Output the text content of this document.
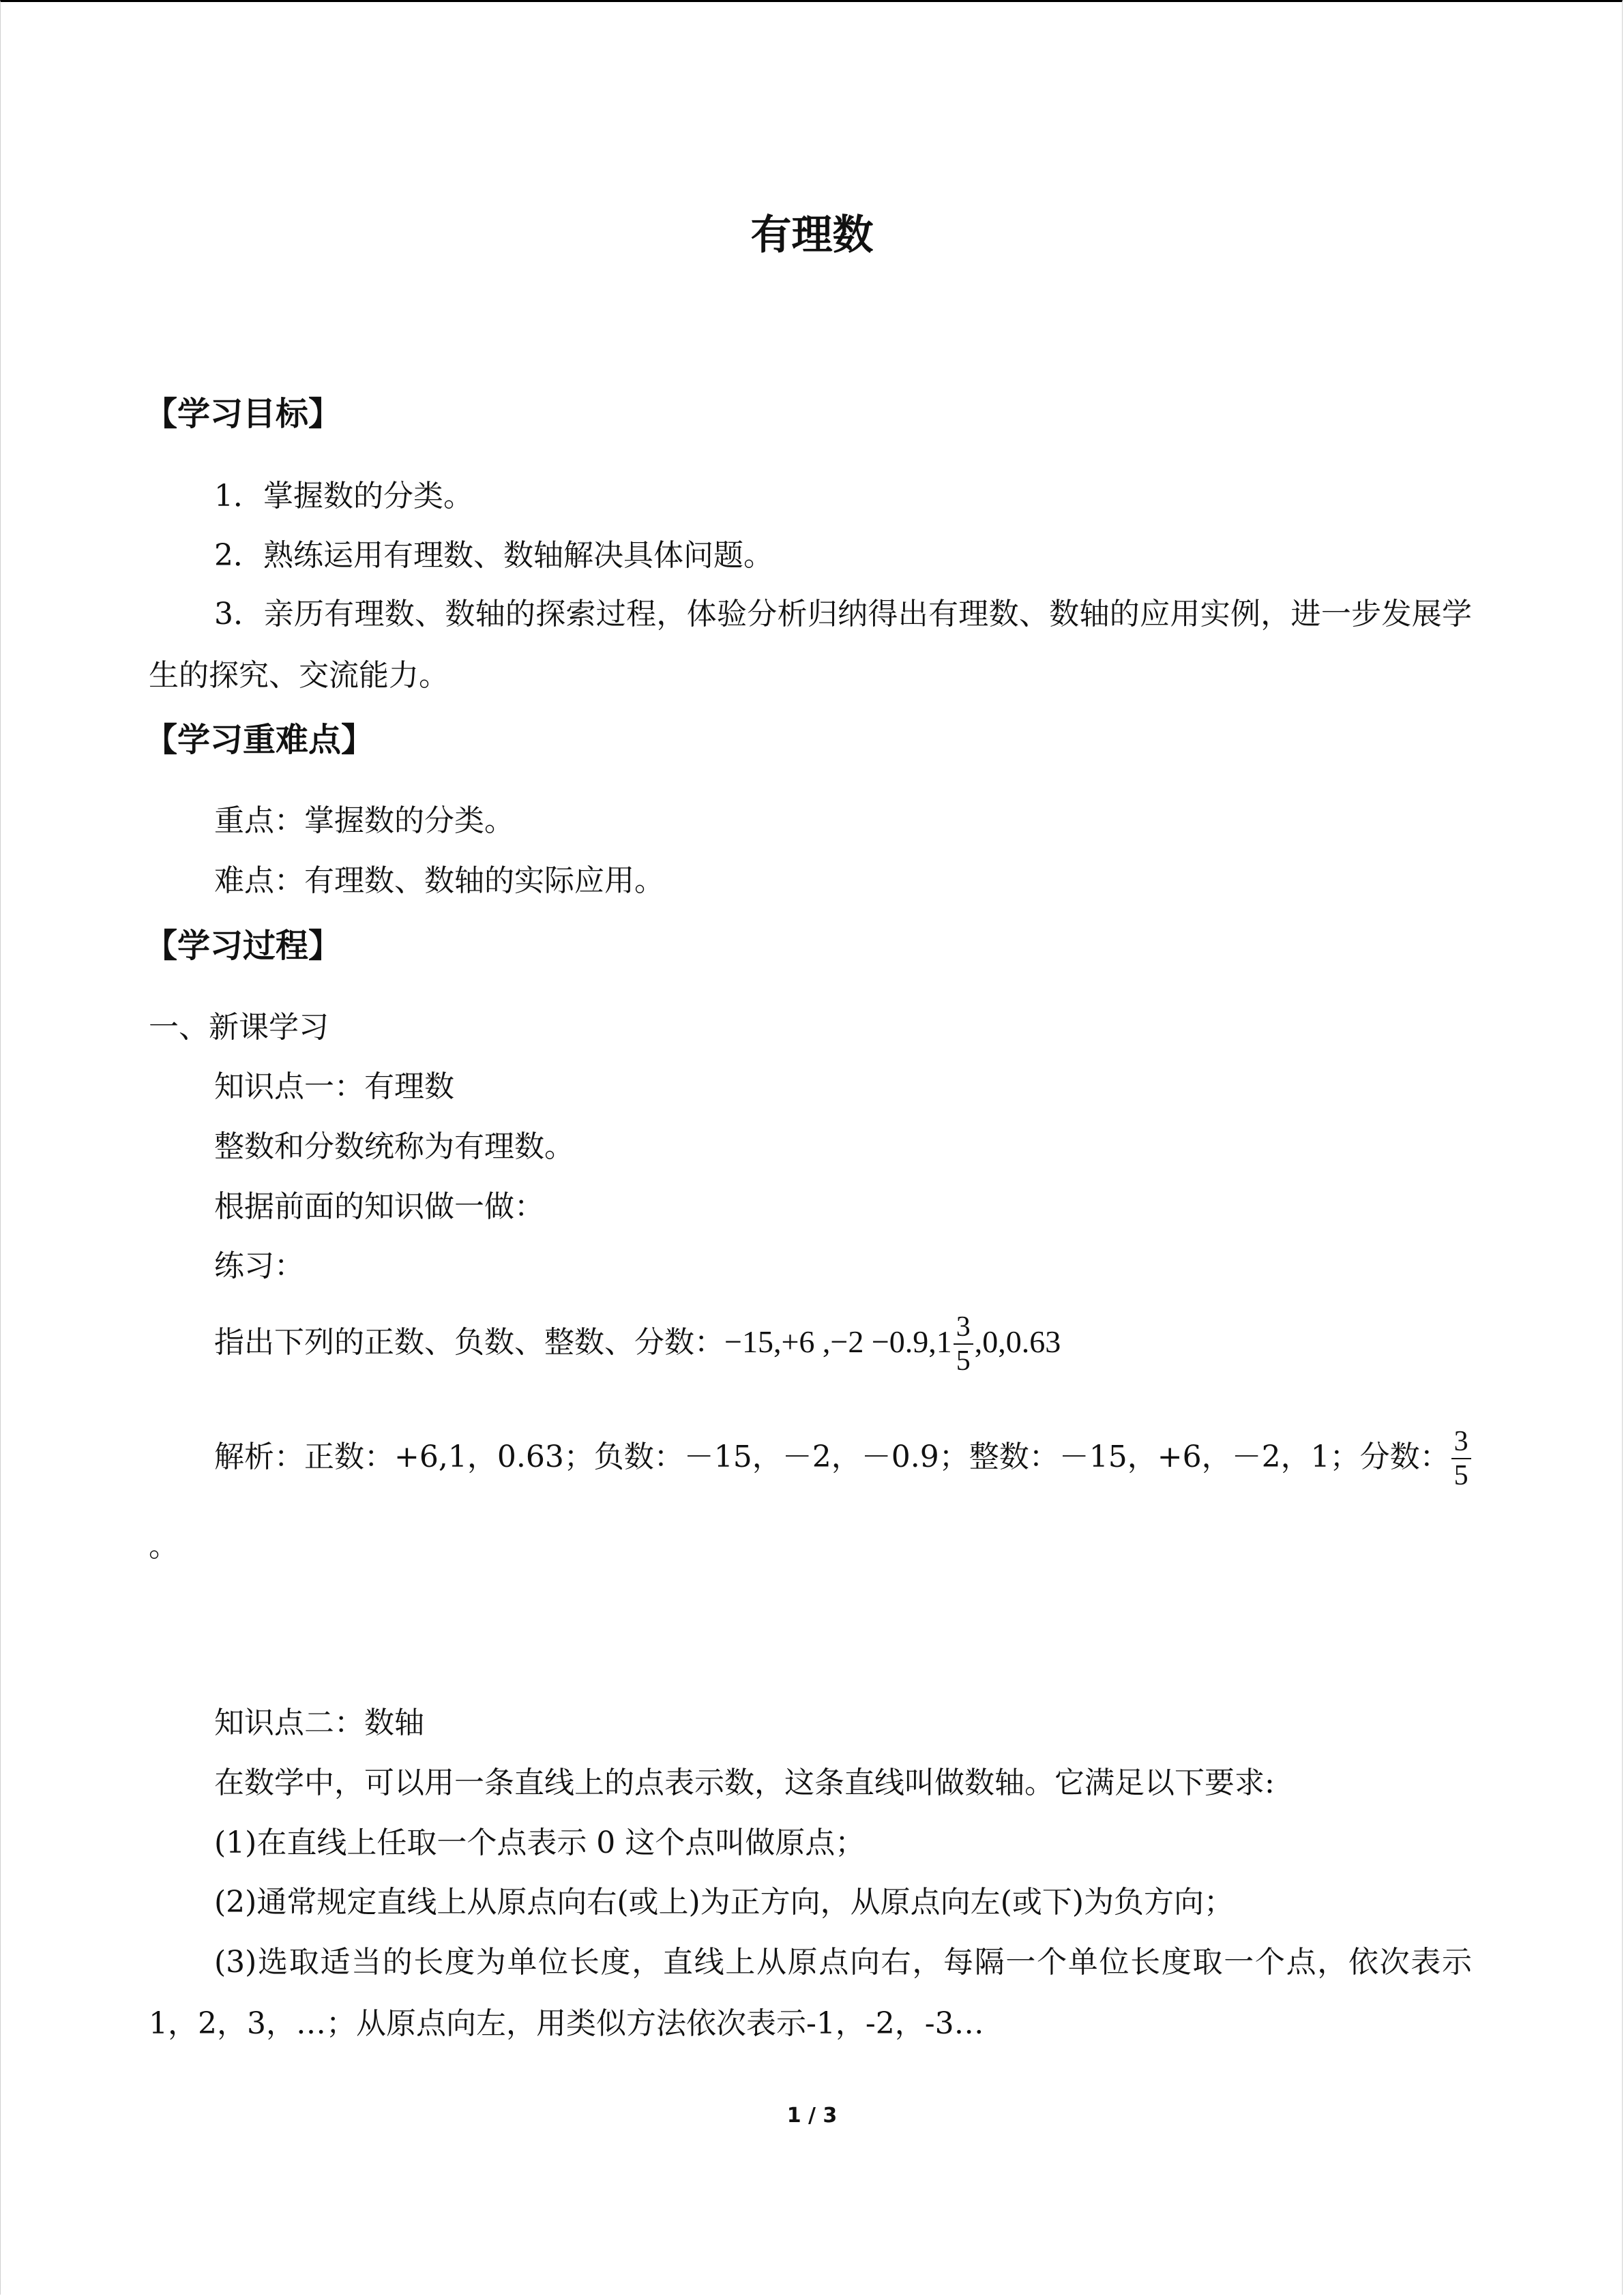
有理数
【学习目标】
1．掌握数的分类。
2．熟练运用有理数、数轴解决具体问题。
3．亲历有理数、数轴的探索过程，体验分析归纳得出有理数、数轴的应用实例，进一步发展学生的探究、交流能力。
【学习重难点】
重点：掌握数的分类。
难点：有理数、数轴的实际应用。
【学习过程】
一、新课学习
知识点一：有理数
整数和分数统称为有理数。
根据前面的知识做一做：
练习：
指出下列的正数、负数、整数、分数：−15,+6 $,-2 -0.9,1 \frac{3}{5} ,0,0.63$
解析：正数：+6,1，0.63；负数：－15，－2，－0.9；整数：－15，+6，－2，1；分数： $\frac{3}{5}$
。
知识点二：数轴
在数学中，可以用一条直线上的点表示数，这条直线叫做数轴。它满足以下要求:
(1)在直线上任取一个点表示 0 这个点叫做原点；
(2)通常规定直线上从原点向右(或上)为正方向，从原点向左(或下)为负方向；
(3)选取适当的长度为单位长度，直线上从原点向右，每隔一个单位长度取一个点，依次表示 1，2，3，…；从原点向左，用类似方法依次表示-1，-2，-3…
1 / 3
